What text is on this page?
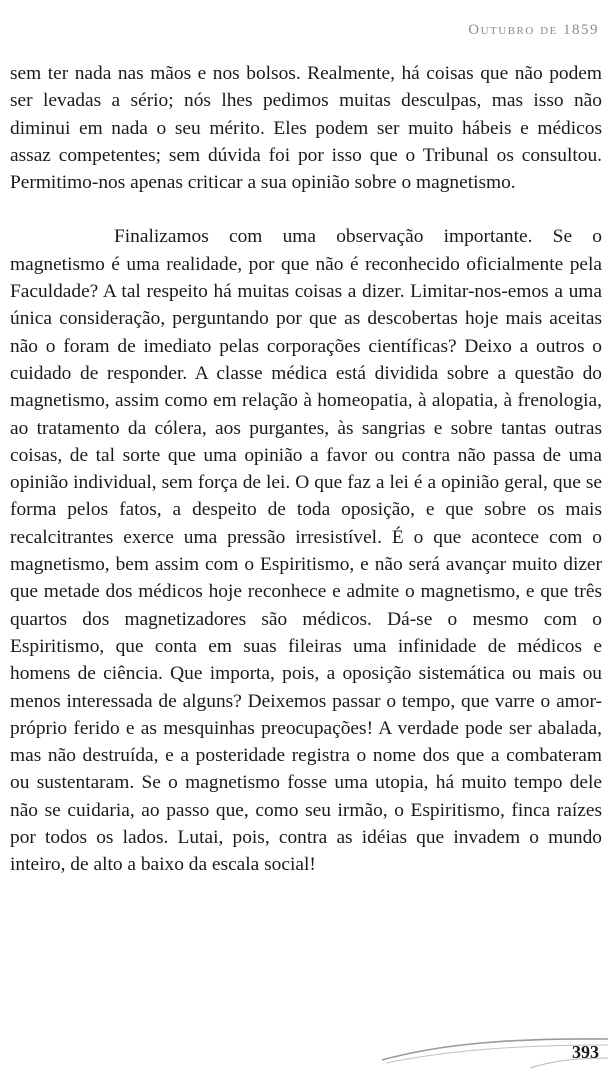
Outubro de 1859

sem ter nada nas mãos e nos bolsos. Realmente, há coisas que não podem ser levadas a sério; nós lhes pedimos muitas desculpas, mas isso não diminui em nada o seu mérito. Eles podem ser muito hábeis e médicos assaz competentes; sem dúvida foi por isso que o Tribunal os consultou. Permitimo-nos apenas criticar a sua opinião sobre o magnetismo.

Finalizamos com uma observação importante. Se o magnetismo é uma realidade, por que não é reconhecido oficialmente pela Faculdade? A tal respeito há muitas coisas a dizer. Limitar-nos-emos a uma única consideração, perguntando por que as descobertas hoje mais aceitas não o foram de imediato pelas corporações científicas? Deixo a outros o cuidado de responder. A classe médica está dividida sobre a questão do magnetismo, assim como em relação à homeopatia, à alopatia, à frenologia, ao tratamento da cólera, aos purgantes, às sangrias e sobre tantas outras coisas, de tal sorte que uma opinião a favor ou contra não passa de uma opinião individual, sem força de lei. O que faz a lei é a opinião geral, que se forma pelos fatos, a despeito de toda oposição, e que sobre os mais recalcitrantes exerce uma pressão irresistível. É o que acontece com o magnetismo, bem assim com o Espiritismo, e não será avançar muito dizer que metade dos médicos hoje reconhece e admite o magnetismo, e que três quartos dos magnetizadores são médicos. Dá-se o mesmo com o Espiritismo, que conta em suas fileiras uma infinidade de médicos e homens de ciência. Que importa, pois, a oposição sistemática ou mais ou menos interessada de alguns? Deixemos passar o tempo, que varre o amor-próprio ferido e as mesquinhas preocupações! A verdade pode ser abalada, mas não destruída, e a posteridade registra o nome dos que a combateram ou sustentaram. Se o magnetismo fosse uma utopia, há muito tempo dele não se cuidaria, ao passo que, como seu irmão, o Espiritismo, finca raízes por todos os lados. Lutai, pois, contra as idéias que invadem o mundo inteiro, de alto a baixo da escala social!

393
